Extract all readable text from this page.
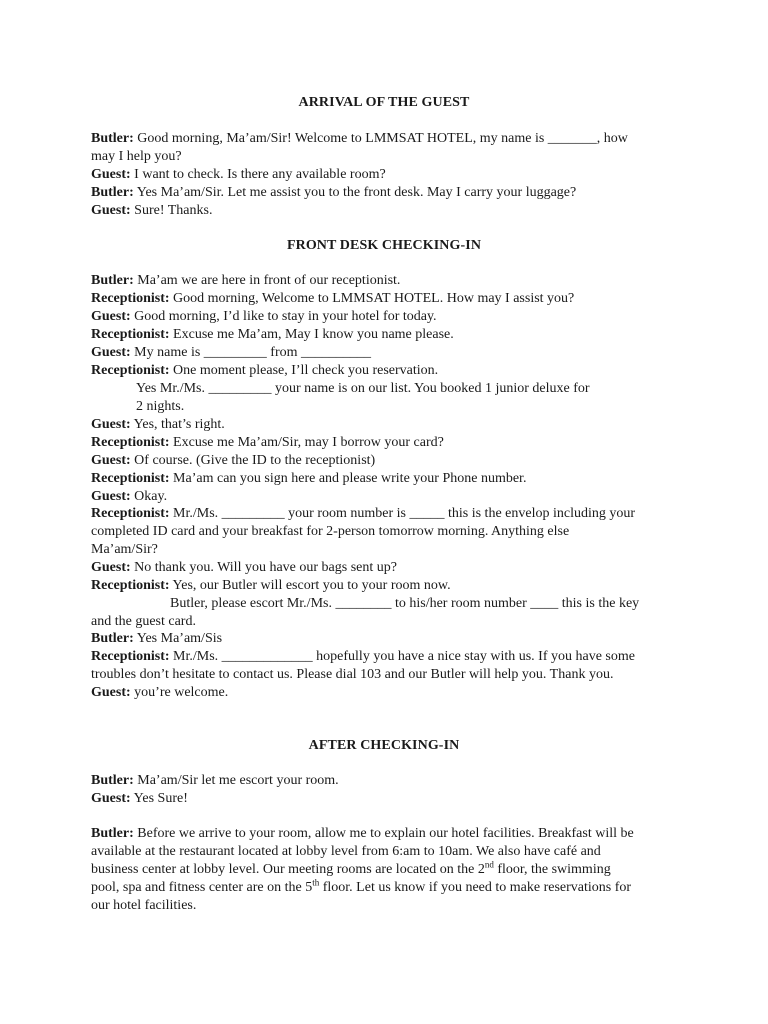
ARRIVAL OF THE GUEST
Butler: Good morning, Ma’am/Sir! Welcome to LMMSAT HOTEL, my name is _______, how
may I help you?
Guest: I want to check. Is there any available room?
Butler: Yes Ma’am/Sir. Let me assist you to the front desk. May I carry your luggage?
Guest: Sure! Thanks.
FRONT DESK CHECKING-IN
Butler: Ma’am we are here in front of our receptionist.
Receptionist: Good morning, Welcome to LMMSAT HOTEL. How may I assist you?
Guest: Good morning, I’d like to stay in your hotel for today.
Receptionist: Excuse me Ma’am, May I know you name please.
Guest: My name is _________ from __________
Receptionist: One moment please, I’ll check you reservation.
Yes Mr./Ms. _________ your name is on our list. You booked 1 junior deluxe for
2 nights.
Guest: Yes, that’s right.
Receptionist: Excuse me Ma’am/Sir, may I borrow your card?
Guest: Of course. (Give the ID to the receptionist)
Receptionist: Ma’am can you sign here and please write your Phone number.
Guest: Okay.
Receptionist: Mr./Ms. _________ your room number is _____ this is the envelop including your
completed ID card and your breakfast for 2-person tomorrow morning. Anything else
Ma’am/Sir?
Guest: No thank you. Will you have our bags sent up?
Receptionist: Yes, our Butler will escort you to your room now.
Butler, please escort Mr./Ms. ________ to his/her room number ____ this is the key
and the guest card.
Butler: Yes Ma’am/Sis
Receptionist: Mr./Ms. _____________ hopefully you have a nice stay with us. If you have some
troubles don’t hesitate to contact us. Please dial 103 and our Butler will help you. Thank you.
Guest: you’re welcome.
AFTER CHECKING-IN
Butler: Ma’am/Sir let me escort your room.
Guest: Yes Sure!
Butler: Before we arrive to your room, allow me to explain our hotel facilities. Breakfast will be
available at the restaurant located at lobby level from 6:am to 10am. We also have café and
business center at lobby level. Our meeting rooms are located on the 2nd floor, the swimming
pool, spa and fitness center are on the 5th floor. Let us know if you need to make reservations for
our hotel facilities.
